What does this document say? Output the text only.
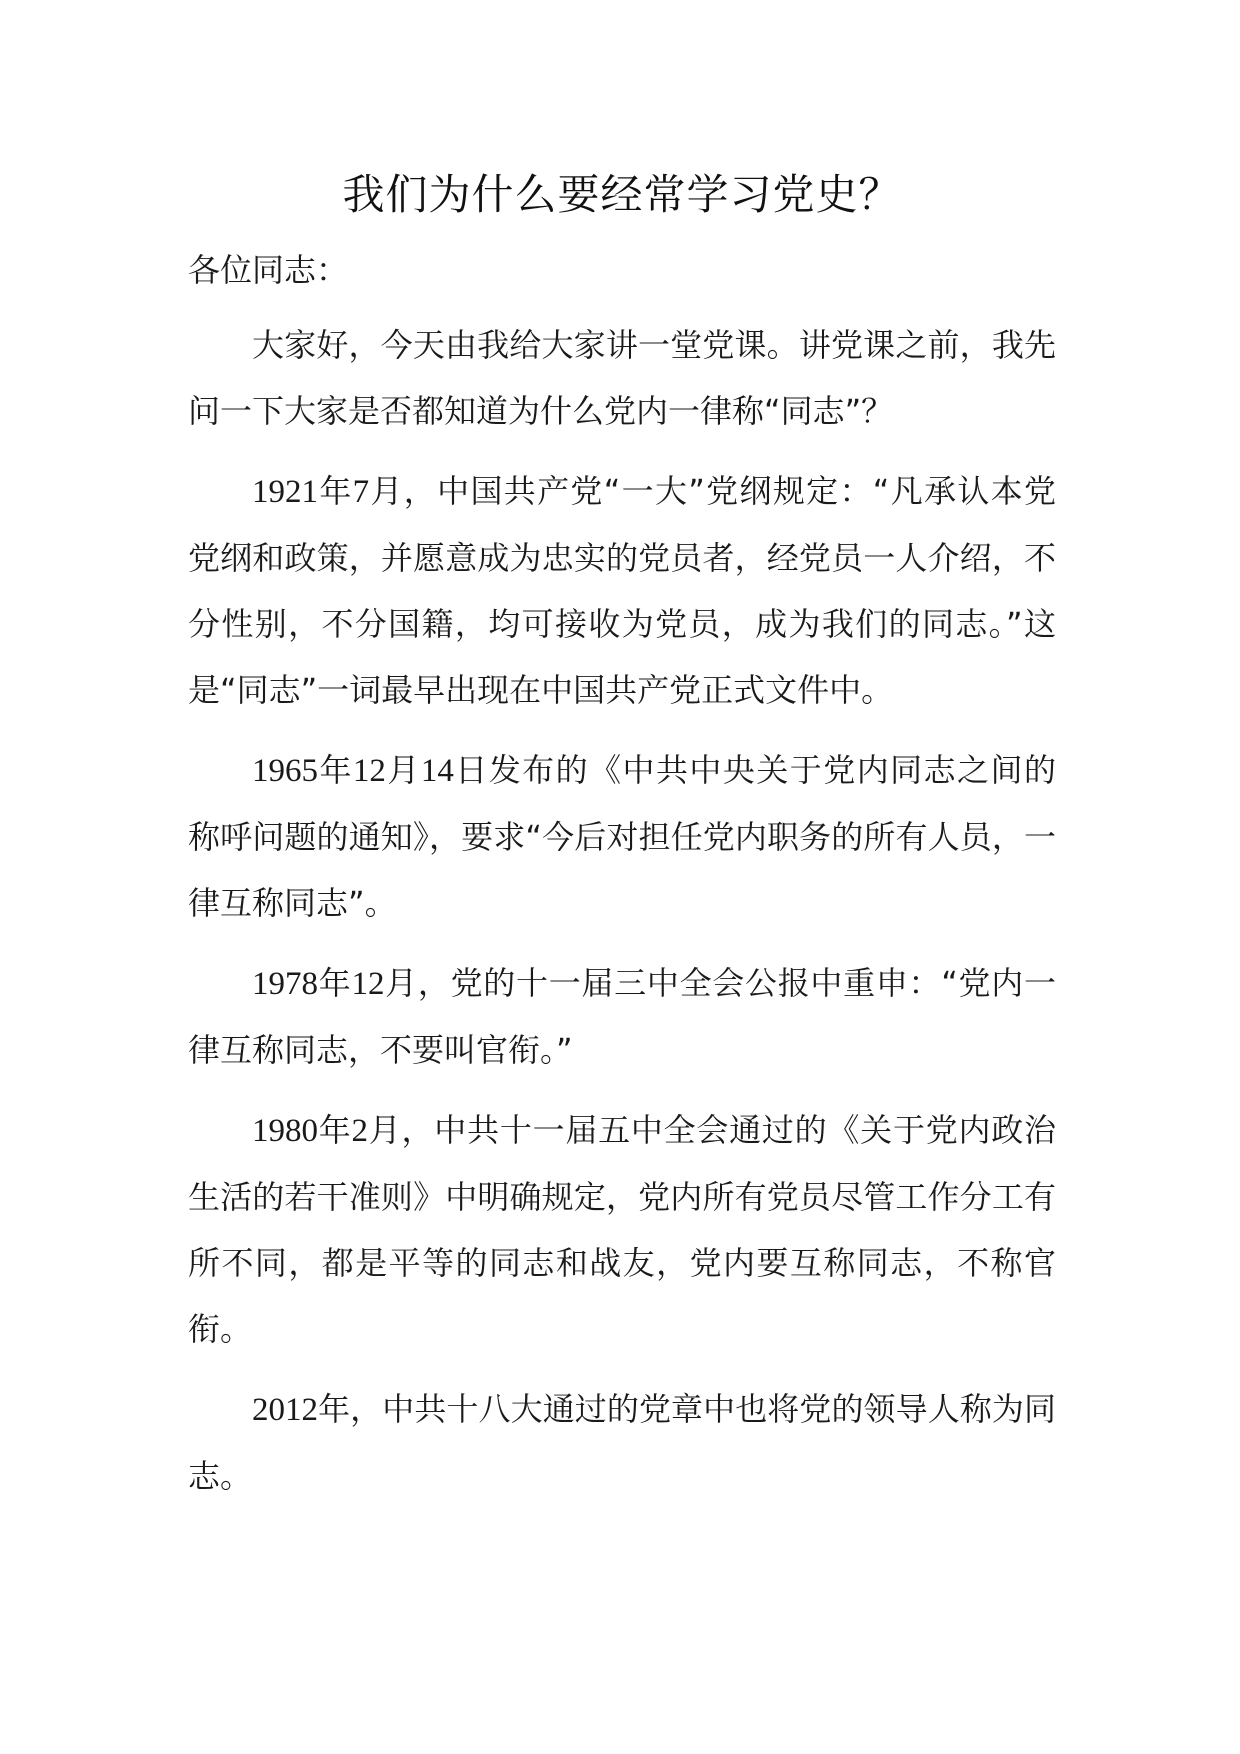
我们为什么要经常学习党史？

各位同志：

大家好，今天由我给大家讲一堂党课。讲党课之前，我先问一下大家是否都知道为什么党内一律称“同志”？

1921年7月，中国共产党“一大”党纲规定：“凡承认本党党纲和政策，并愿意成为忠实的党员者，经党员一人介绍，不分性别，不分国籍，均可接收为党员，成为我们的同志。”这是“同志”一词最早出现在中国共产党正式文件中。

1965年12月14日发布的《中共中央关于党内同志之间的称呼问题的通知》，要求“今后对担任党内职务的所有人员，一律互称同志”。

1978年12月，党的十一届三中全会公报中重申：“党内一律互称同志，不要叫官衔。”

1980年2月，中共十一届五中全会通过的《关于党内政治生活的若干准则》中明确规定，党内所有党员尽管工作分工有所不同，都是平等的同志和战友，党内要互称同志，不称官衔。

2012年，中共十八大通过的党章中也将党的领导人称为同志。
